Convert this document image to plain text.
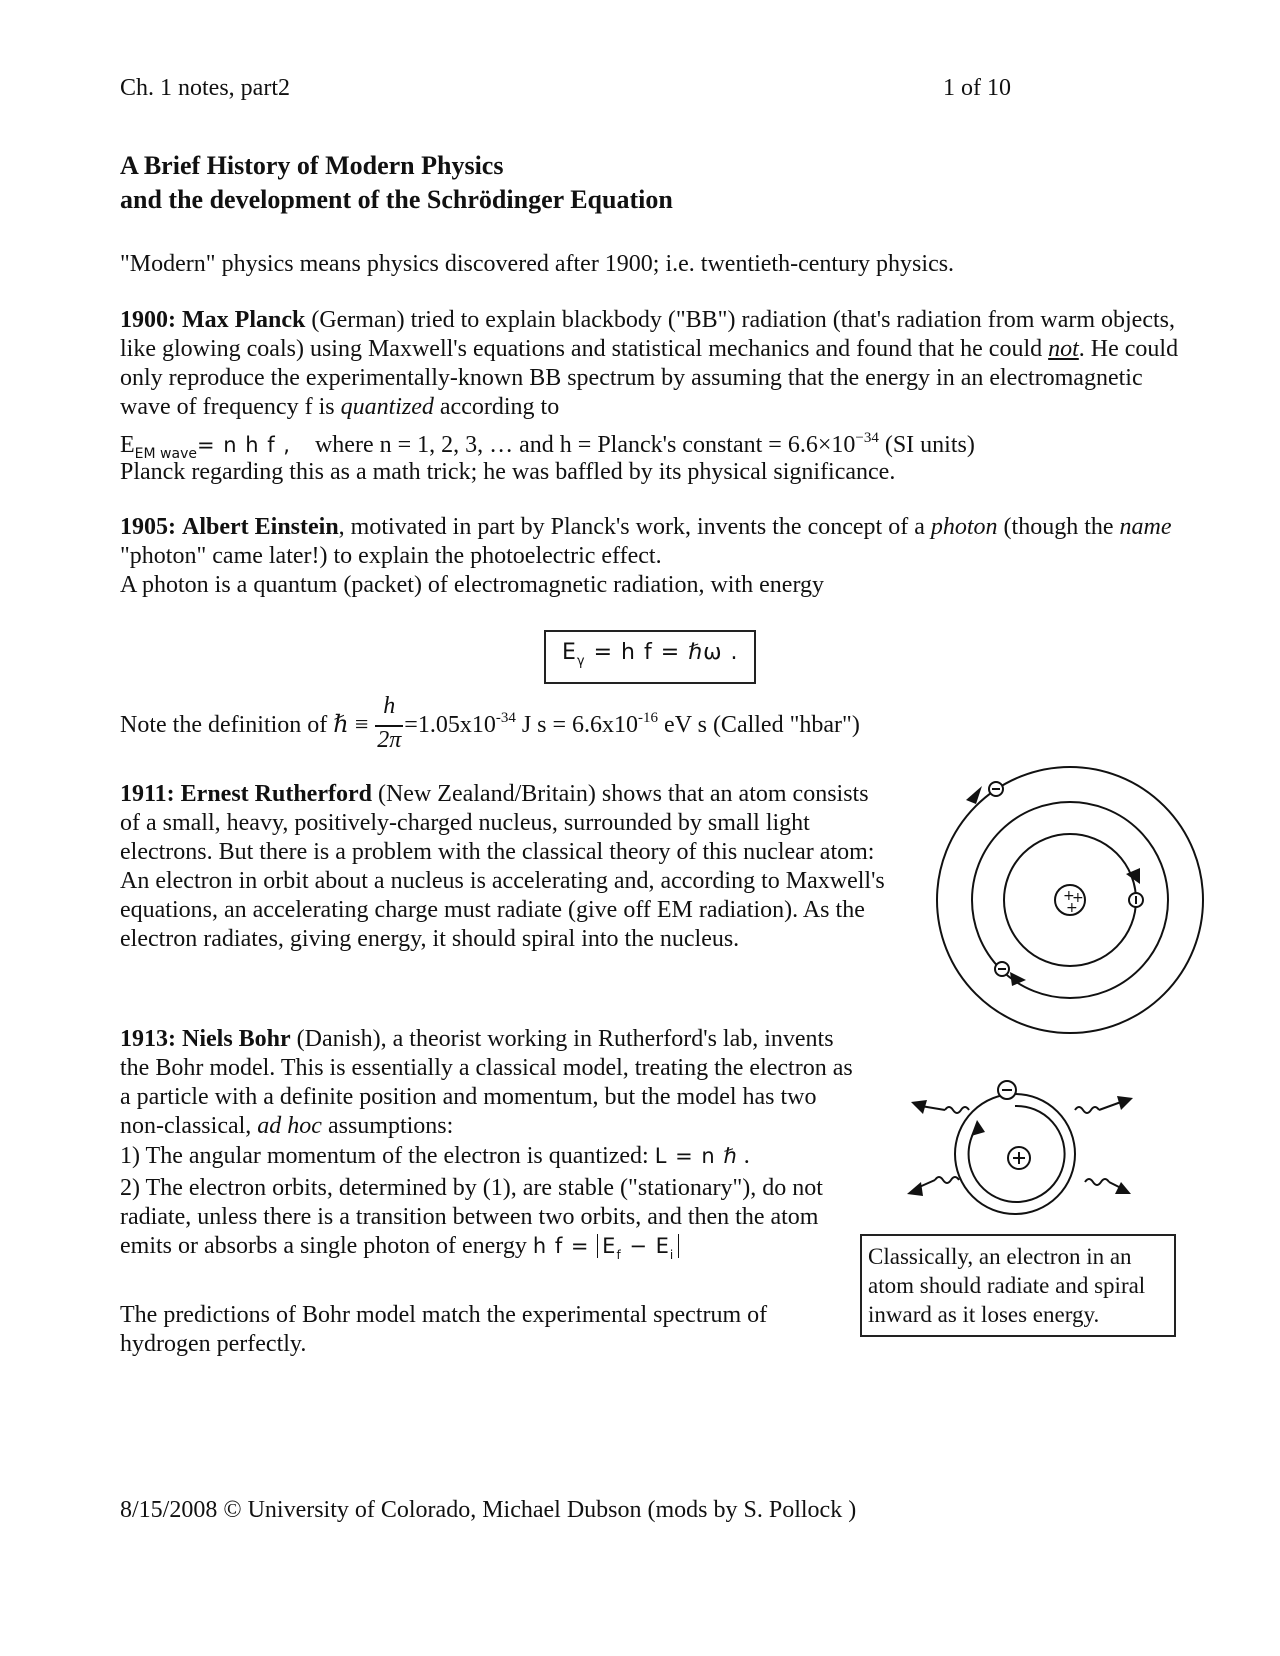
Ch. 1 notes, part2	1 of 10
A Brief History of Modern Physics
and the development of the Schrödinger Equation
"Modern" physics means physics discovered after 1900; i.e. twentieth-century physics.
1900: Max Planck (German) tried to explain blackbody ("BB") radiation (that's radiation from warm objects, like glowing coals) using Maxwell's equations and statistical mechanics and found that he could not. He could only reproduce the experimentally-known BB spectrum by assuming that the energy in an electromagnetic wave of frequency f is quantized according to
$E_{EM wave}= n$ h f , where n = 1, 2, 3, … and h = Planck's constant = $6.6\times 10^{-34}$ (SI units)
Planck regarding this as a math trick; he was baffled by its physical significance.
1905: Albert Einstein, motivated in part by Planck's work, invents the concept of a photon (though the name "photon" came later!) to explain the photoelectric effect.
A photon is a quantum (packet) of electromagnetic radiation, with energy
$E_\gamma = h$ f = ℏω .
Note the definition of ℏ ≡ $\frac{h}{2\pi} =1.05x10^{-34}$ J $s = 6.6x10^{-16}$ eV s (Called "hbar")
1911: Ernest Rutherford (New Zealand/Britain) shows that an atom consists of a small, heavy, positively-charged nucleus, surrounded by small light electrons. But there is a problem with the classical theory of this nuclear atom: An electron in orbit about a nucleus is accelerating and, according to Maxwell's equations, an accelerating charge must radiate (give off EM radiation). As the electron radiates, giving energy, it should spiral into the nucleus.
+
+
+
1913: Niels Bohr (Danish), a theorist working in Rutherford's lab, invents the Bohr model. This is essentially a classical model, treating the electron as a particle with a definite position and momentum, but the model has two non-classical, ad hoc assumptions:
1) The angular momentum of the electron is quantized: L = n ℏ .
2) The electron orbits, determined by (1), are stable ("stationary"), do not radiate, unless there is a transition between two orbits, and then the atom emits or absorbs a single photon of energy h $f = E_f - E_i$
The predictions of Bohr model match the experimental spectrum of hydrogen perfectly.
Classically, an electron in an atom should radiate and spiral inward as it loses energy.
8/15/2008 © University of Colorado, Michael Dubson (mods by S. Pollock )
